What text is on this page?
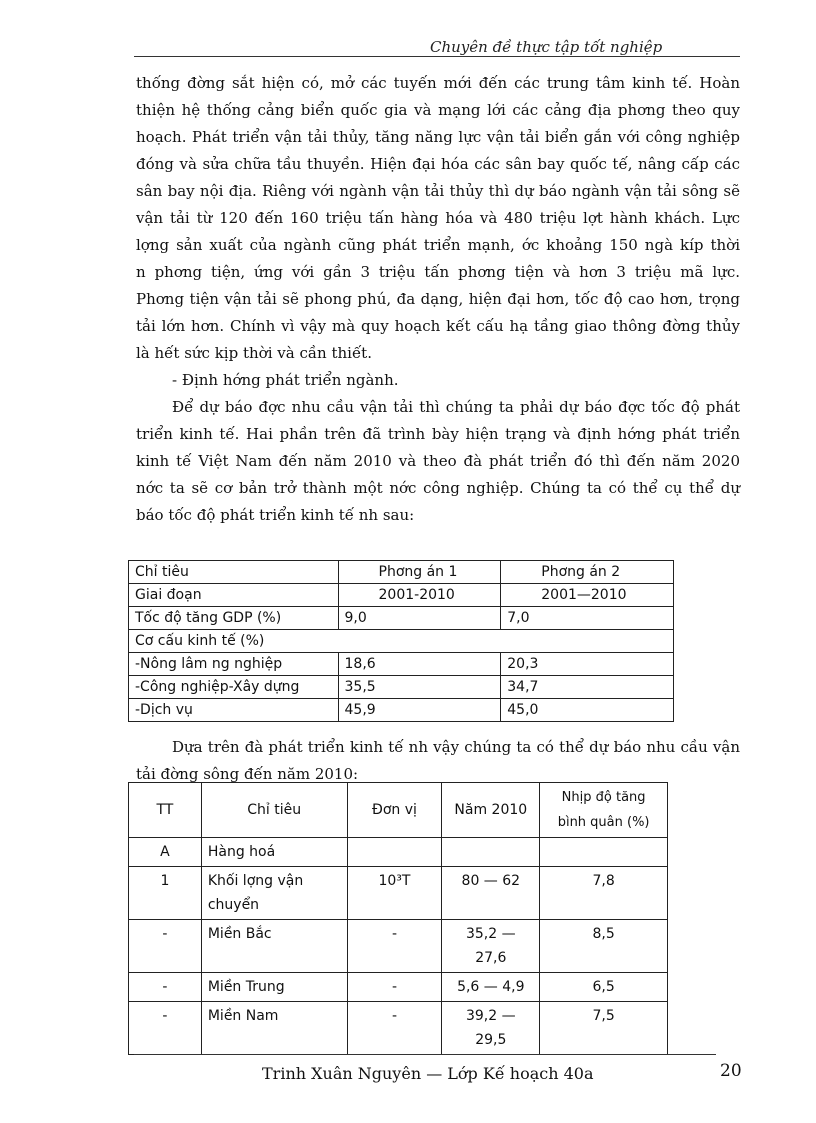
Chuyên đề thực tập tốt nghiệp

thống đờng sắt hiện có, mở các tuyến mới đến các trung tâm kinh tế. Hoàn
thiện hệ thống cảng biển quốc gia và mạng lới các cảng địa phơng theo quy
hoạch. Phát triển vận tải thủy, tăng năng lực vận tải biển gắn với công nghiệp
đóng và sửa chữa tầu thuyền. Hiện đại hóa các sân bay quốc tế, nâng cấp các
sân bay nội địa. Riêng với ngành vận tải thủy thì dự báo ngành vận tải sông sẽ
vận tải từ 120 đến 160 triệu tấn hàng hóa và 480 triệu lợt hành khách. Lực
lợng sản xuất của ngành cũng phát triển mạnh, ớc khoảng 150 ngà kíp thời
n phơng tiện, ứng với gần 3 triệu tấn phơng tiện và hơn 3 triệu mã lực.
Phơng tiện vận tải sẽ phong phú, đa dạng, hiện đại hơn, tốc độ cao hơn, trọng
tải lớn hơn. Chính vì vậy mà quy hoạch kết cấu hạ tầng giao thông đờng thủy
là hết sức kịp thời và cần thiết.

- Định hớng phát triển ngành.

Để dự báo đợc nhu cầu vận tải thì chúng ta phải dự báo đợc tốc độ phát
triển kinh tế. Hai phần trên đã trình bày hiện trạng và định hớng phát triển
kinh tế Việt Nam đến năm 2010 và theo đà phát triển đó thì đến năm 2020
nớc ta sẽ cơ bản trở thành một nớc công nghiệp. Chúng ta có thể cụ thể dự
báo tốc độ phát triển kinh tế nh sau:

Chỉ tiêu	Phơng án 1	Phơng án 2
Giai đoạn	2001-2010	2001—2010
Tốc độ tăng GDP (%)	9,0	7,0
Cơ cấu kinh tế (%)		
-Nông lâm ng nghiệp	18,6	20,3
-Công nghiệp-Xây dựng	35,5	34,7
-Dịch vụ	45,9	45,0
Dựa trên đà phát triển kinh tế nh vậy chúng ta có thể dự báo nhu cầu vận
tải đờng sông đến năm 2010:
TT	Chỉ tiêu	Đơn vị	Năm 2010	Nhịp độ tăng
bình quân (%)
A	Hàng hoá			
1	Khối lợng vận chuyển	10³T	80 — 62	7,8
-	Miền Bắc	-	35,2 — 27,6	8,5
-	Miền Trung	-	5,6 — 4,9	6,5
-	Miền Nam	-	39,2 — 29,5	7,5
Trinh Xuân Nguyên — Lớp Kế hoạch 40a	20
